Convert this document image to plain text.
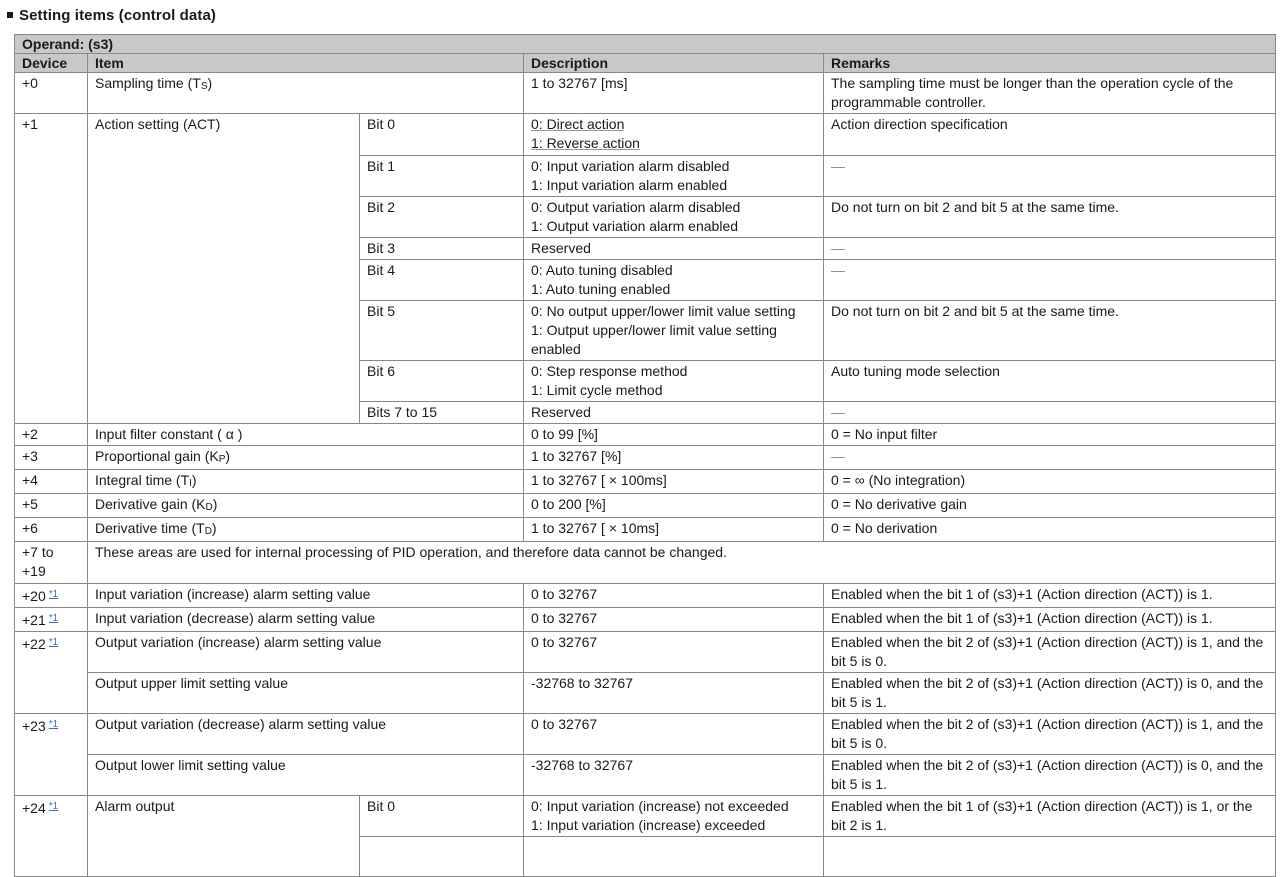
Setting items (control data)
Operand: (s3)				
Device	Item		Description	Remarks
+0	Sampling time $(T_S)$		1 to 32767 [ms]	The sampling time must be longer than the operation cycle of the programmable controller.
+1	Action setting (ACT)	Bit 0	0: Direct action
1: Reverse action	Action direction specification
		Bit 1	0: Input variation alarm disabled
1: Input variation alarm enabled	—
		Bit 2	0: Output variation alarm disabled
1: Output variation alarm enabled	Do not turn on bit 2 and bit 5 at the same time.
		Bit 3	Reserved	—
		Bit 4	0: Auto tuning disabled
1: Auto tuning enabled	—
		Bit 5	0: No output upper/lower limit value setting
1: Output upper/lower limit value setting enabled	Do not turn on bit 2 and bit 5 at the same time.
		Bit 6	0: Step response method
1: Limit cycle method	Auto tuning mode selection
		Bits 7 to 15	Reserved	—
+2	Input filter constant ( α )		0 to 99 [%]	0 = No input filter
+3	Proportional gain $(K_P)$		1 to 32767 [%]	—
+4	Integral time $(T_I)$		1 to 32767 [ × 100ms]	0 = ∞ (No integration)
+5	Derivative gain $(K_D)$		0 to 200 [%]	0 = No derivative gain
+6	Derivative time $(T_D)$		1 to 32767 [ × 10ms]	0 = No derivation
+7 to +19	These areas are used for internal processing of PID operation, and therefore data cannot be changed.			
+20 $^{*1}$	Input variation (increase) alarm setting value		0 to 32767	Enabled when the bit 1 of (s3)+1 (Action direction (ACT)) is 1.
+21 $^{*1}$	Input variation (decrease) alarm setting value		0 to 32767	Enabled when the bit 1 of (s3)+1 (Action direction (ACT)) is 1.
+22 $^{*1}$	Output variation (increase) alarm setting value		0 to 32767	Enabled when the bit 2 of (s3)+1 (Action direction (ACT)) is 1, and the bit 5 is 0.
	Output upper limit setting value		-32768 to 32767	Enabled when the bit 2 of (s3)+1 (Action direction (ACT)) is 0, and the bit 5 is 1.
+23 $^{*1}$	Output variation (decrease) alarm setting value		0 to 32767	Enabled when the bit 2 of (s3)+1 (Action direction (ACT)) is 1, and the bit 5 is 0.
	Output lower limit setting value		-32768 to 32767	Enabled when the bit 2 of (s3)+1 (Action direction (ACT)) is 0, and the bit 5 is 1.
+24 $^{*1}$	Alarm output	Bit 0	0: Input variation (increase) not exceeded
1: Input variation (increase) exceeded	Enabled when the bit 1 of (s3)+1 (Action direction (ACT)) is 1, or the bit 2 is 1.
